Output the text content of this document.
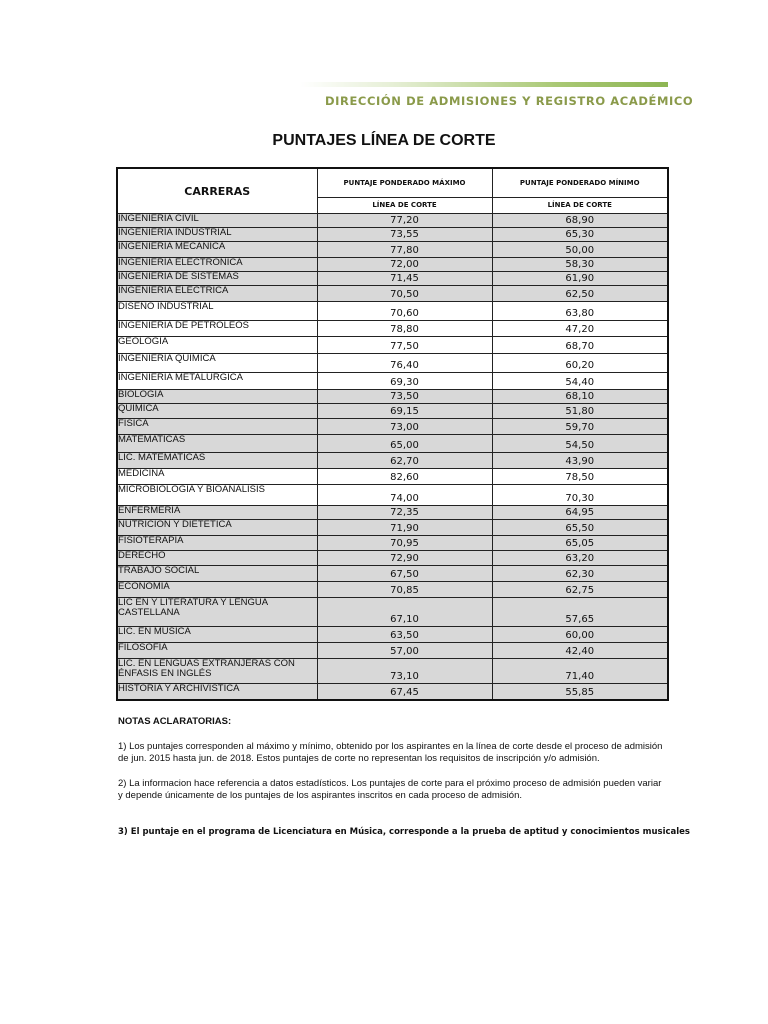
DIRECCIÓN DE ADMISIONES Y REGISTRO ACADÉMICO
PUNTAJES LÍNEA DE CORTE
CARRERAS	PUNTAJE PONDERADO MÁXIMO	PUNTAJE PONDERADO MÍNIMO
	LÍNEA DE CORTE	LÍNEA DE CORTE
INGENIERIA CIVIL	77,20	68,90
INGENIERIA INDUSTRIAL	73,55	65,30
INGENIERIA MECANICA	77,80	50,00
INGENIERIA ELECTRONICA	72,00	58,30
INGENIERIA DE SISTEMAS	71,45	61,90
INGENIERIA ELECTRICA	70,50	62,50
DISEÑO INDUSTRIAL	70,60	63,80
INGENIERIA DE PETROLEOS	78,80	47,20
GEOLOGIA	77,50	68,70
INGENIERIA QUIMICA	76,40	60,20
INGENIERIA METALURGICA	69,30	54,40
BIOLOGIA	73,50	68,10
QUIMICA	69,15	51,80
FISICA	73,00	59,70
MATEMATICAS	65,00	54,50
LIC. MATEMATICAS	62,70	43,90
MEDICINA	82,60	78,50
MICROBIOLOGIA Y BIOANALISIS	74,00	70,30
ENFERMERIA	72,35	64,95
NUTRICION Y DIETETICA	71,90	65,50
FISIOTERAPIA	70,95	65,05
DERECHO	72,90	63,20
TRABAJO SOCIAL	67,50	62,30
ECONOMIA	70,85	62,75
LIC EN Y LITERATURA Y LENGUA CASTELLANA	67,10	57,65
LIC. EN MUSICA	63,50	60,00
FILOSOFIA	57,00	42,40
LIC. EN LENGUAS EXTRANJERAS CON ÉNFASIS EN INGLÉS	73,10	71,40
HISTORIA Y ARCHIVISTICA	67,45	55,85

NOTAS ACLARATORIAS:

1) Los puntajes corresponden al máximo y mínimo, obtenido por los aspirantes en la línea de corte desde el proceso de admisión de jun. 2015 hasta jun. de 2018. Estos puntajes de corte no representan los requisitos de inscripción y/o admisión.

2) La informacion hace referencia a datos estadísticos. Los puntajes de corte para el próximo proceso de admisión pueden variar y depende únicamente de los puntajes de los aspirantes inscritos en cada proceso de admisión.

3) El puntaje en el programa de Licenciatura en Música, corresponde a la prueba de aptitud y conocimientos musicales
